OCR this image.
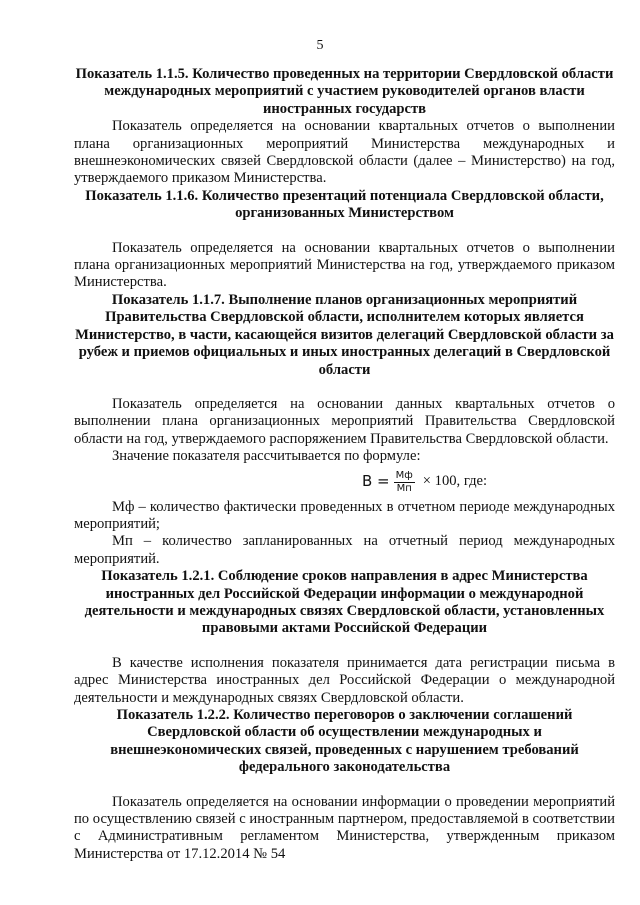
5
Показатель 1.1.5. Количество проведенных на территории Свердловской области международных мероприятий с участием руководителей органов власти иностранных государств

Показатель определяется на основании квартальных отчетов о выполнении плана организационных мероприятий Министерства международных и внешнеэкономических связей Свердловской области (далее – Министерство) на год, утверждаемого приказом Министерства.

Показатель 1.1.6. Количество презентаций потенциала Свердловской области, организованных Министерством

Показатель определяется на основании квартальных отчетов о выполнении плана организационных мероприятий Министерства на год, утверждаемого приказом Министерства.

Показатель 1.1.7. Выполнение планов организационных мероприятий Правительства Свердловской области, исполнителем которых является Министерство, в части, касающейся визитов делегаций Свердловской области за рубеж и приемов официальных и иных иностранных делегаций в Свердловской области

Показатель определяется на основании данных квартальных отчетов о выполнении плана организационных мероприятий Правительства Свердловской области на год, утверждаемого распоряжением Правительства Свердловской области.

Значение показателя рассчитывается по формуле:

$В = \frac{Мф}{Мп} \times 100$, где:

Мф – количество фактически проведенных в отчетном периоде международных мероприятий;

Мп – количество запланированных на отчетный период международных мероприятий.

Показатель 1.2.1. Соблюдение сроков направления в адрес Министерства иностранных дел Российской Федерации информации о международной деятельности и международных связях Свердловской области, установленных правовыми актами Российской Федерации

В качестве исполнения показателя принимается дата регистрации письма в адрес Министерства иностранных дел Российской Федерации о международной деятельности и международных связях Свердловской области.

Показатель 1.2.2. Количество переговоров о заключении соглашений Свердловской области об осуществлении международных и внешнеэкономических связей, проведенных с нарушением требований федерального законодательства

Показатель определяется на основании информации о проведении мероприятий по осуществлению связей с иностранным партнером, предоставляемой в соответствии с Административным регламентом Министерства, утвержденным приказом Министерства от 17.12.2014 № 54
